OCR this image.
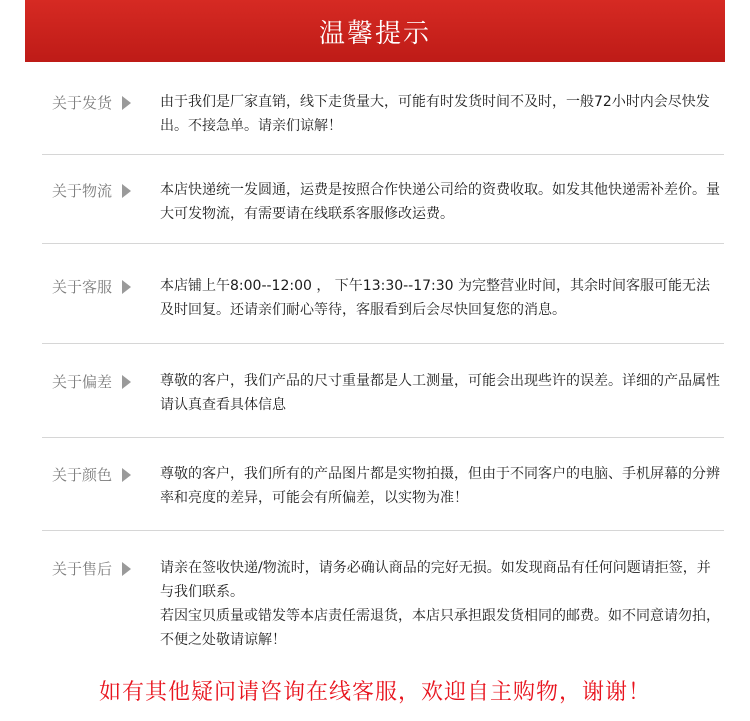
温馨提示
关于发货	由于我们是厂家直销，线下走货量大，可能有时发货时间不及时，一般72小时内会尽快发出。不接急单。请亲们谅解！

关于物流	本店快递统一发圆通，运费是按照合作快递公司给的资费收取。如发其他快递需补差价。量大可发物流，有需要请在线联系客服修改运费。

关于客服	本店铺上午8:00--12:00 ， 下午13:30--17:30 为完整营业时间，其余时间客服可能无法及时回复。还请亲们耐心等待，客服看到后会尽快回复您的消息。

关于偏差	尊敬的客户，我们产品的尺寸重量都是人工测量，可能会出现些许的误差。详细的产品属性请认真查看具体信息

关于颜色	尊敬的客户，我们所有的产品图片都是实物拍摄，但由于不同客户的电脑、手机屏幕的分辨率和亮度的差异，可能会有所偏差，以实物为准！

关于售后	请亲在签收快递/物流时，请务必确认商品的完好无损。如发现商品有任何问题请拒签，并与我们联系。

若因宝贝质量或错发等本店责任需退货，本店只承担跟发货相同的邮费。如不同意请勿拍，不便之处敬请谅解！

如有其他疑问请咨询在线客服，欢迎自主购物，谢谢！
